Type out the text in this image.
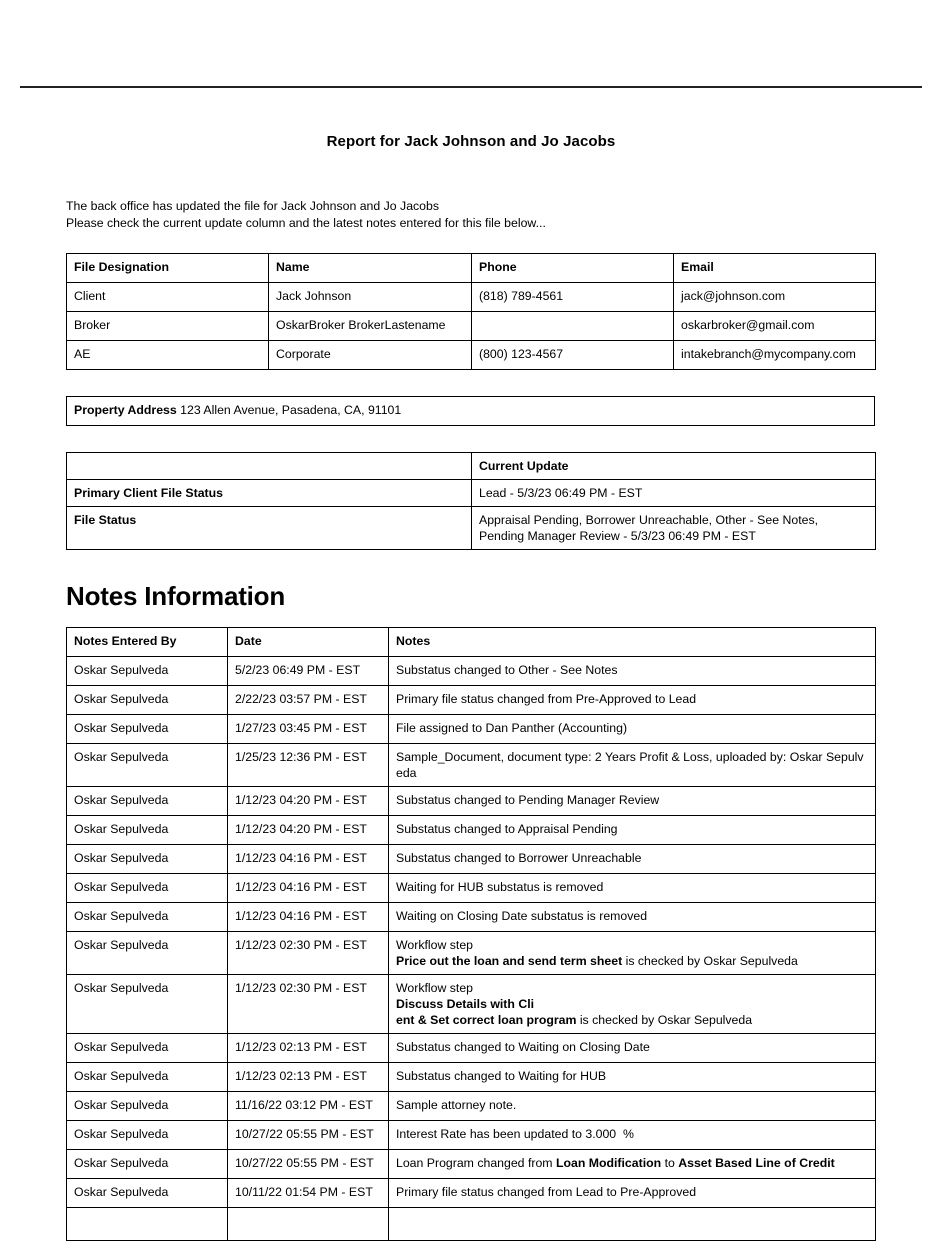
Report for Jack Johnson and Jo Jacobs
The back office has updated the file for Jack Johnson and Jo Jacobs
Please check the current update column and the latest notes entered for this file below...
File Designation	Name	Phone	Email
Client	Jack Johnson	(818) 789-4561	jack@johnson.com
Broker	OskarBroker BrokerLastename		oskarbroker@gmail.com
AE	Corporate	(800) 123-4567	intakebranch@mycompany.com
Property Address 123 Allen Avenue, Pasadena, CA, 91101
	Current Update
Primary Client File Status	Lead - 5/3/23 06:49 PM - EST
File Status	Appraisal Pending, Borrower Unreachable, Other - See Notes,
Pending Manager Review - 5/3/23 06:49 PM - EST
Notes Information
Notes Entered By	Date	Notes
Oskar Sepulveda	5/2/23 06:49 PM - EST	Substatus changed to Other - See Notes
Oskar Sepulveda	2/22/23 03:57 PM - EST	Primary file status changed from Pre-Approved to Lead
Oskar Sepulveda	1/27/23 03:45 PM - EST	File assigned to Dan Panther (Accounting)
Oskar Sepulveda	1/25/23 12:36 PM - EST	Sample_Document, document type: 2 Years Profit & Loss, uploaded by: Oskar Sepulveda
Oskar Sepulveda	1/12/23 04:20 PM - EST	Substatus changed to Pending Manager Review
Oskar Sepulveda	1/12/23 04:20 PM - EST	Substatus changed to Appraisal Pending
Oskar Sepulveda	1/12/23 04:16 PM - EST	Substatus changed to Borrower Unreachable
Oskar Sepulveda	1/12/23 04:16 PM - EST	Waiting for HUB substatus is removed
Oskar Sepulveda	1/12/23 04:16 PM - EST	Waiting on Closing Date substatus is removed
Oskar Sepulveda	1/12/23 02:30 PM - EST	Workflow step
Price out the loan and send term sheet is checked by Oskar Sepulveda
Oskar Sepulveda	1/12/23 02:30 PM - EST	Workflow step
Discuss Details with Cli
ent & Set correct loan program is checked by Oskar Sepulveda
Oskar Sepulveda	1/12/23 02:13 PM - EST	Substatus changed to Waiting on Closing Date
Oskar Sepulveda	1/12/23 02:13 PM - EST	Substatus changed to Waiting for HUB
Oskar Sepulveda	11/16/22 03:12 PM - EST	Sample attorney note.
Oskar Sepulveda	10/27/22 05:55 PM - EST	Interest Rate has been updated to 3.000  %
Oskar Sepulveda	10/27/22 05:55 PM - EST	Loan Program changed from Loan Modification to Asset Based Line of Credit
Oskar Sepulveda	10/11/22 01:54 PM - EST	Primary file status changed from Lead to Pre-Approved
